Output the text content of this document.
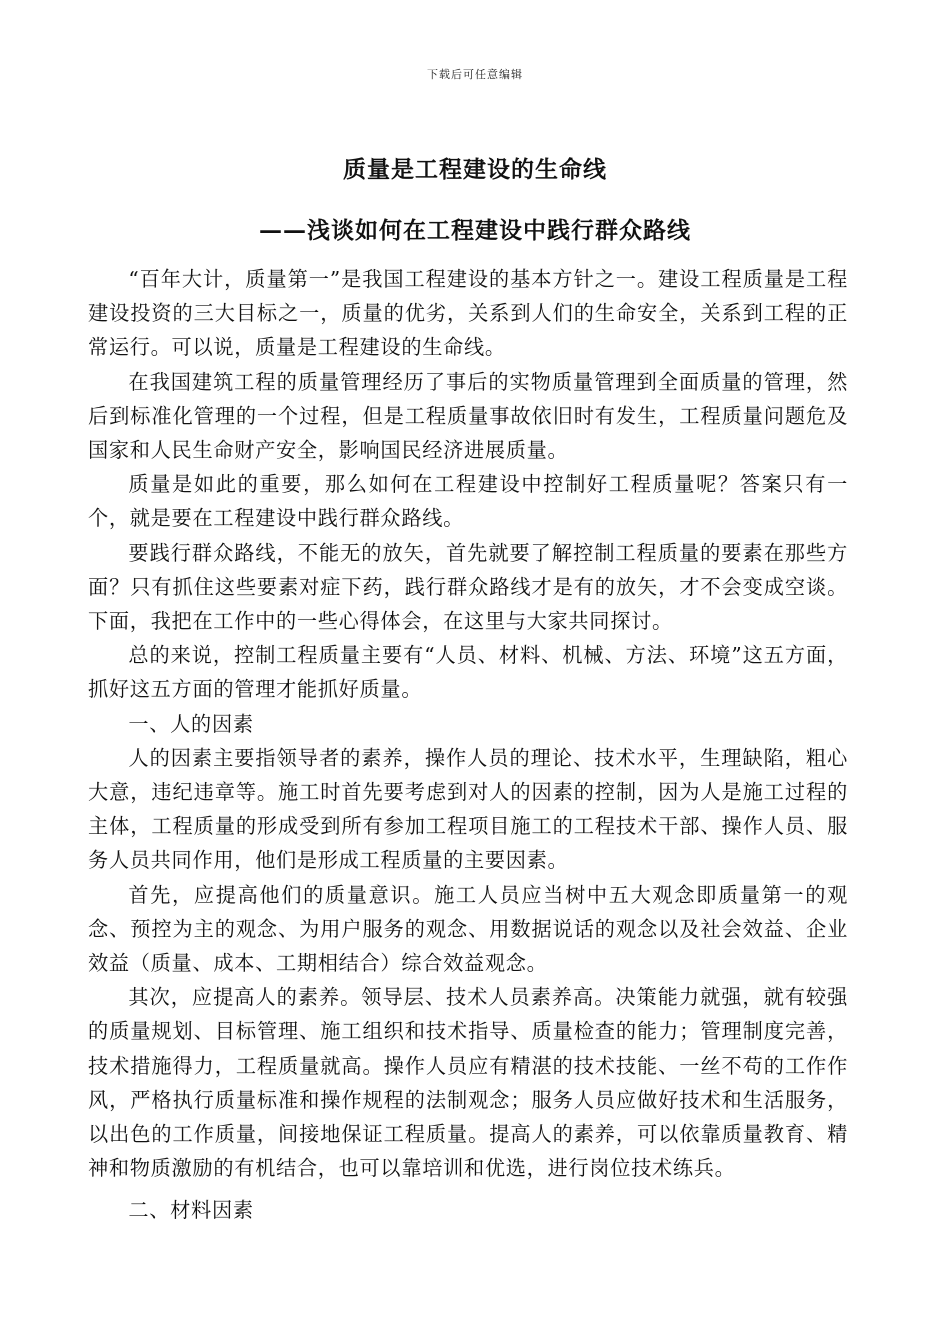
下载后可任意编辑
质量是工程建设的生命线
——浅谈如何在工程建设中践行群众路线

“百年大计，质量第一”是我国工程建设的基本方针之一。建设工程质量是工程建设投资的三大目标之一，质量的优劣，关系到人们的生命安全，关系到工程的正常运行。可以说，质量是工程建设的生命线。

在我国建筑工程的质量管理经历了事后的实物质量管理到全面质量的管理，然后到标准化管理的一个过程，但是工程质量事故依旧时有发生，工程质量问题危及国家和人民生命财产安全，影响国民经济进展质量。

质量是如此的重要，那么如何在工程建设中控制好工程质量呢？答案只有一个，就是要在工程建设中践行群众路线。

要践行群众路线，不能无的放矢，首先就要了解控制工程质量的要素在那些方面？只有抓住这些要素对症下药，践行群众路线才是有的放矢，才不会变成空谈。下面，我把在工作中的一些心得体会，在这里与大家共同探讨。

总的来说，控制工程质量主要有“人员、材料、机械、方法、环境”这五方面，抓好这五方面的管理才能抓好质量。

一、人的因素

人的因素主要指领导者的素养，操作人员的理论、技术水平，生理缺陷，粗心大意，违纪违章等。施工时首先要考虑到对人的因素的控制，因为人是施工过程的主体，工程质量的形成受到所有参加工程项目施工的工程技术干部、操作人员、服务人员共同作用，他们是形成工程质量的主要因素。

首先，应提高他们的质量意识。施工人员应当树中五大观念即质量第一的观念、预控为主的观念、为用户服务的观念、用数据说话的观念以及社会效益、企业效益（质量、成本、工期相结合）综合效益观念。

其次，应提高人的素养。领导层、技术人员素养高。决策能力就强，就有较强的质量规划、目标管理、施工组织和技术指导、质量检查的能力；管理制度完善，技术措施得力，工程质量就高。操作人员应有精湛的技术技能、一丝不苟的工作作风，严格执行质量标准和操作规程的法制观念；服务人员应做好技术和生活服务，以出色的工作质量，间接地保证工程质量。提高人的素养，可以依靠质量教育、精神和物质激励的有机结合，也可以靠培训和优选，进行岗位技术练兵。

二、材料因素
